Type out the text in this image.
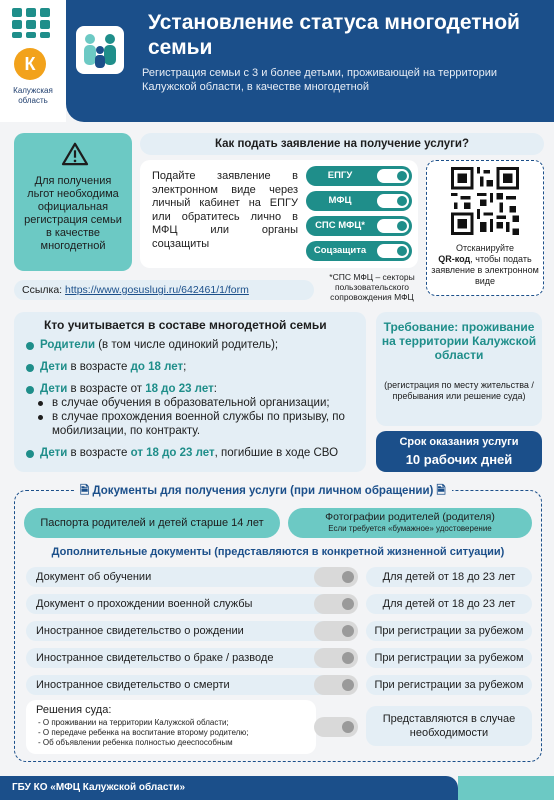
К
Калужская область
Установление статуса многодетной семьи
Регистрация семьи с 3 и более детьми, проживающей на территории Калужской области, в качестве многодетной
Для получения льгот необходима официальная регистрация семьи в качестве многодетной
Как подать заявление на получение услуги?
Подайте заявление в электронном виде через личный кабинет на ЕПГУ или обратитесь лично в МФЦ или органы соцзащиты
ЕПГУ
МФЦ
СПС МФЦ*
Соцзащита	Отсканируйте
QR-код, чтобы подать заявление в электронном виде
Ссылка: https://www.gosuslugi.ru/642461/1/form
*СПС МФЦ – секторы пользовательского сопровождения МФЦ
Кто учитывается в составе многодетной семьи
Родители (в том числе одинокий родитель);
Дети в возрасте до 18 лет;
Дети в возрасте от 18 до 23 лет:
в случае обучения в образовательной организации;
в случае прохождения военной службы по призыву, по мобилизации, по контракту.
Дети в возрасте от 18 до 23 лет, погибшие в ходе СВО
Требование: проживание на территории Калужской области
(регистрация по месту жительства / пребывания или решение суда)
Срок оказания услуги
10 рабочих дней
🗎 Документы для получения услуги (при личном обращении) 🗎
Паспорта родителей и детей старше 14 лет	Фотографии родителей (родителя)
Если требуется «бумажное» удостоверение
Дополнительные документы (представляются в конкретной жизненной ситуации)
Документ об обучении	Для детей от 18 до 23 лет
Документ о прохождении военной службы	Для детей от 18 до 23 лет
Иностранное свидетельство о рождении	При регистрации за рубежом
Иностранное свидетельство о браке / разводе	При регистрации за рубежом
Иностранное свидетельство о смерти	При регистрации за рубежом
Решения суда:
- О проживании на территории Калужской области;
- О передаче ребенка на воспитание второму родителю;
- Об объявлении ребенка полностью дееспособным
Представляются в случае необходимости
ГБУ КО «МФЦ Калужской области»
